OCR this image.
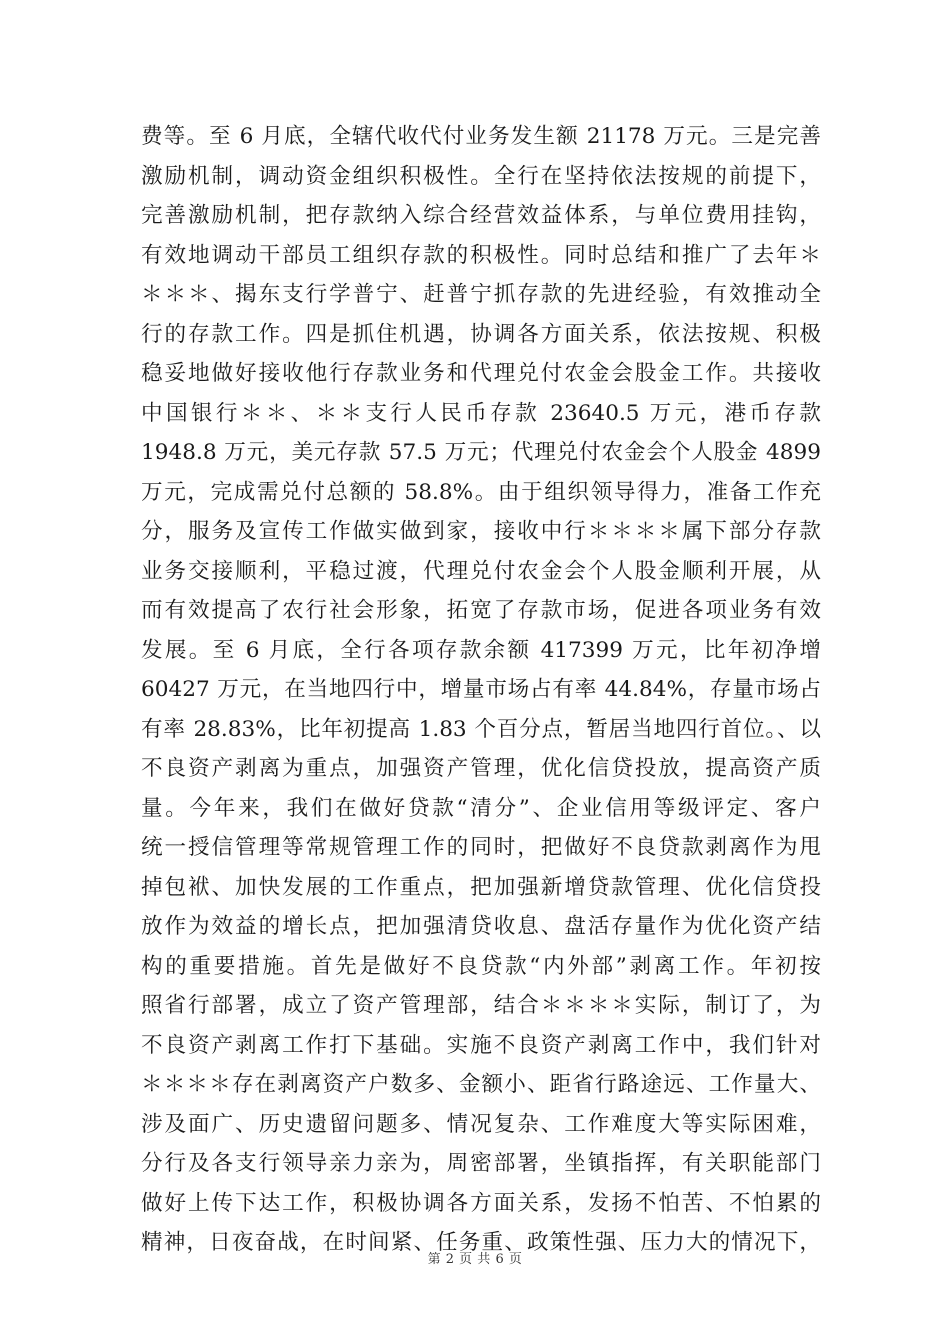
费等。至 6 月底，全辖代收代付业务发生额 21178 万元。三是完善
激励机制，调动资金组织积极性。全行在坚持依法按规的前提下，
完善激励机制，把存款纳入综合经营效益体系，与单位费用挂钩，
有效地调动干部员工组织存款的积极性。同时总结和推广了去年＊
＊＊＊、揭东支行学普宁、赶普宁抓存款的先进经验，有效推动全
行的存款工作。四是抓住机遇，协调各方面关系，依法按规、积极
稳妥地做好接收他行存款业务和代理兑付农金会股金工作。共接收
中国银行＊＊、＊＊支行人民币存款 23640.5 万元，港币存款
1948.8 万元，美元存款 57.5 万元；代理兑付农金会个人股金 4899
万元，完成需兑付总额的 58.8%。由于组织领导得力，准备工作充
分，服务及宣传工作做实做到家，接收中行＊＊＊＊属下部分存款
业务交接顺利，平稳过渡，代理兑付农金会个人股金顺利开展，从
而有效提高了农行社会形象，拓宽了存款市场，促进各项业务有效
发展。至 6 月底，全行各项存款余额 417399 万元，比年初净增
60427 万元，在当地四行中，增量市场占有率 44.84%，存量市场占
有率 28.83%，比年初提高 1.83 个百分点，暂居当地四行首位。、以
不良资产剥离为重点，加强资产管理，优化信贷投放，提高资产质
量。今年来，我们在做好贷款“清分”、企业信用等级评定、客户
统一授信管理等常规管理工作的同时，把做好不良贷款剥离作为甩
掉包袱、加快发展的工作重点，把加强新增贷款管理、优化信贷投
放作为效益的增长点，把加强清贷收息、盘活存量作为优化资产结
构的重要措施。首先是做好不良贷款“内外部”剥离工作。年初按
照省行部署，成立了资产管理部，结合＊＊＊＊实际，制订了，为
不良资产剥离工作打下基础。实施不良资产剥离工作中，我们针对
＊＊＊＊存在剥离资产户数多、金额小、距省行路途远、工作量大、
涉及面广、历史遗留问题多、情况复杂、工作难度大等实际困难，
分行及各支行领导亲力亲为，周密部署，坐镇指挥，有关职能部门
做好上传下达工作，积极协调各方面关系，发扬不怕苦、不怕累的
精神，日夜奋战，在时间紧、任务重、政策性强、压力大的情况下，
第 2 页 共 6 页
